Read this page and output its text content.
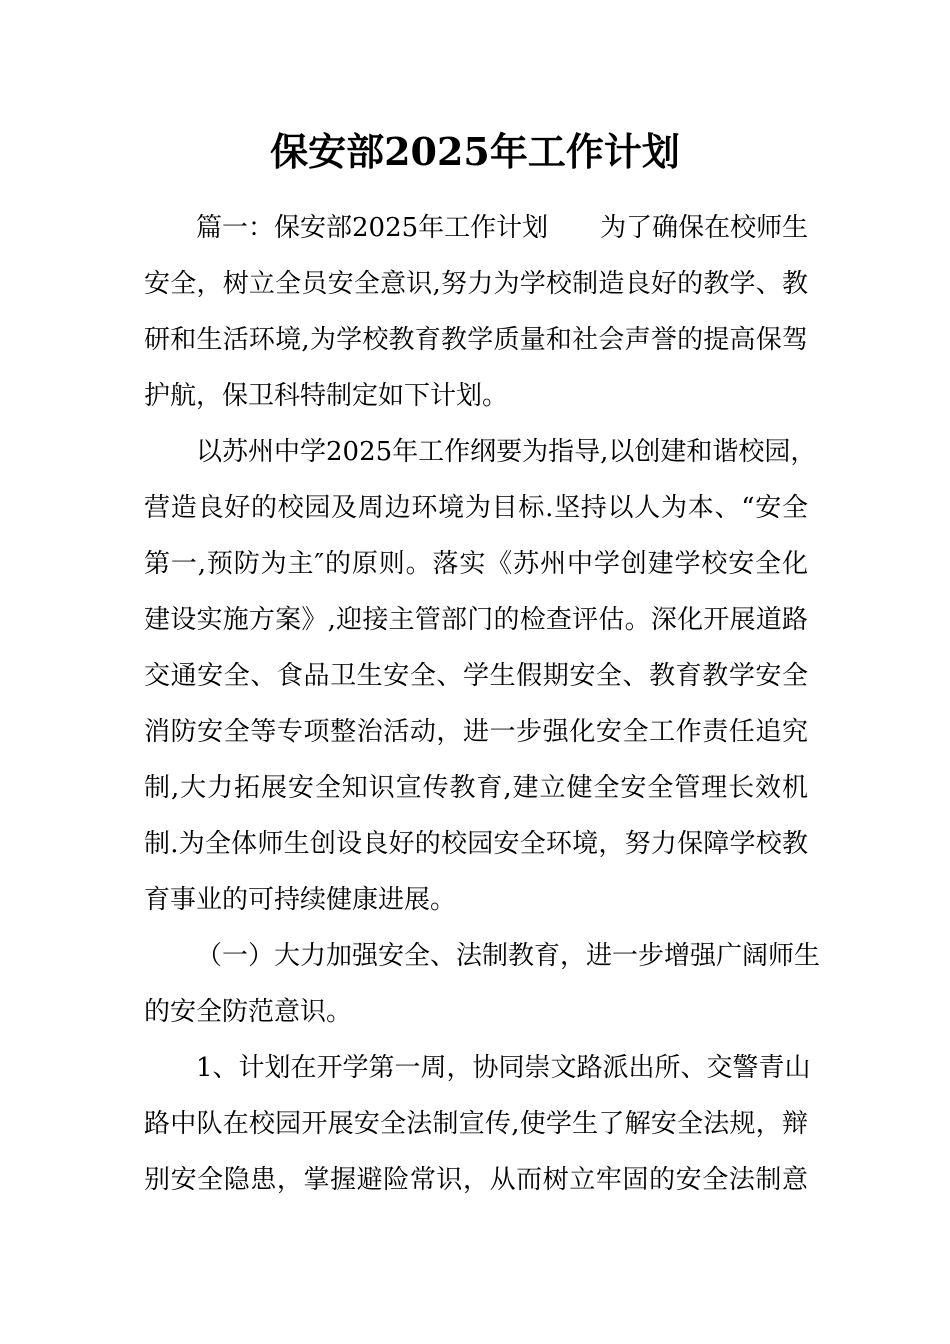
保安部2025年工作计划
篇一：保安部2025年工作计划　　为了确保在校师生
安全，树立全员安全意识,努力为学校制造良好的教学、教
研和生活环境,为学校教育教学质量和社会声誉的提高保驾
护航，保卫科特制定如下计划。
以苏州中学2025年工作纲要为指导,以创建和谐校园，
营造良好的校园及周边环境为目标.坚持以人为本、“安全
第一,预防为主″的原则。落实《苏州中学创建学校安全化
建设实施方案》,迎接主管部门的检查评估。深化开展道路
交通安全、食品卫生安全、学生假期安全、教育教学安全
消防安全等专项整治活动，进一步强化安全工作责任追究
制,大力拓展安全知识宣传教育,建立健全安全管理长效机
制.为全体师生创设良好的校园安全环境，努力保障学校教
育事业的可持续健康进展。
（一）大力加强安全、法制教育，进一步增强广阔师生
的安全防范意识。
1、计划在开学第一周，协同崇文路派出所、交警青山
路中队在校园开展安全法制宣传,使学生了解安全法规，辩
别安全隐患，掌握避险常识，从而树立牢固的安全法制意
